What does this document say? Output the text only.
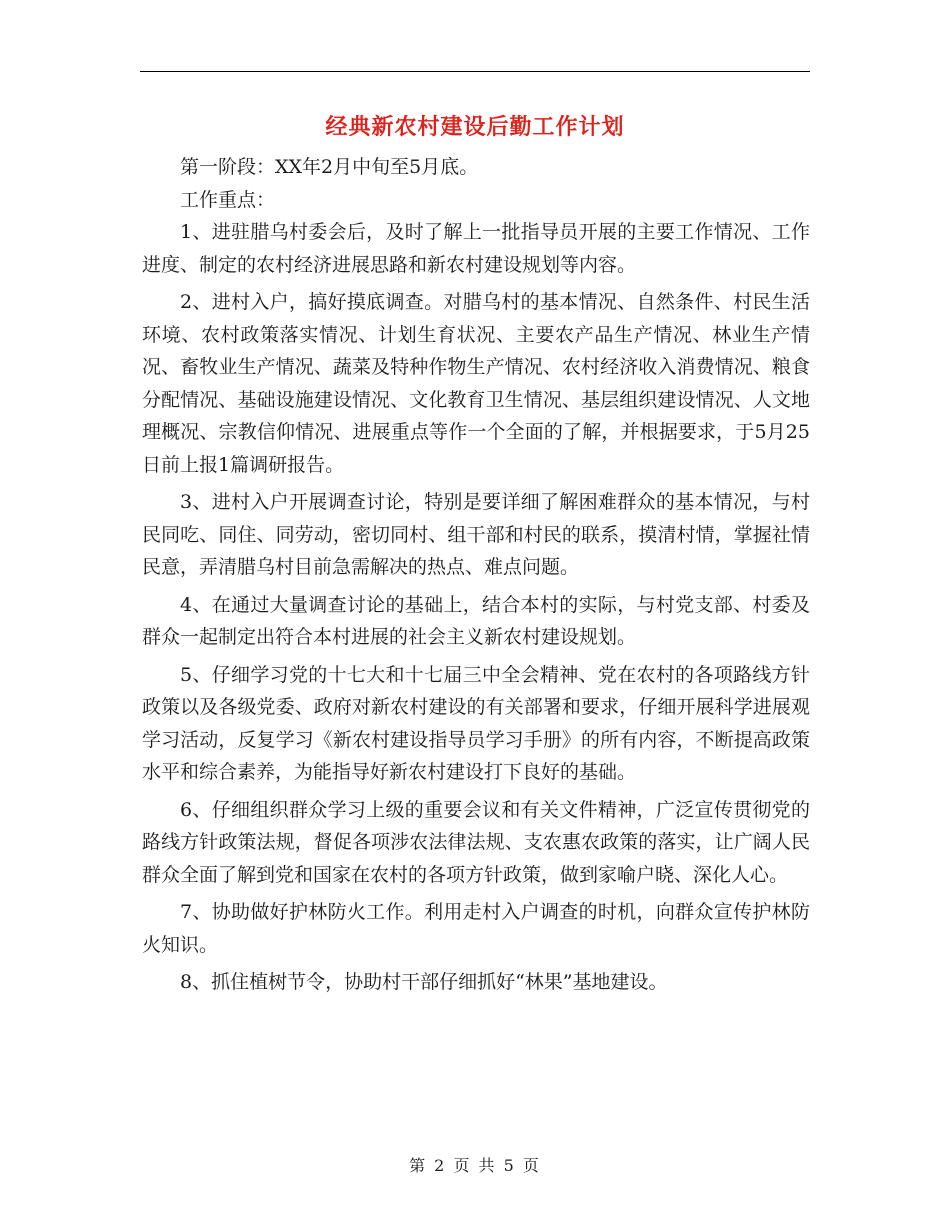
经典新农村建设后勤工作计划

第一阶段：XX年2月中旬至5月底。

工作重点：

1、进驻腊乌村委会后，及时了解上一批指导员开展的主要工作情况、工作进度、制定的农村经济进展思路和新农村建设规划等内容。

2、进村入户，搞好摸底调查。对腊乌村的基本情况、自然条件、村民生活环境、农村政策落实情况、计划生育状况、主要农产品生产情况、林业生产情况、畜牧业生产情况、蔬菜及特种作物生产情况、农村经济收入消费情况、粮食分配情况、基础设施建设情况、文化教育卫生情况、基层组织建设情况、人文地理概况、宗教信仰情况、进展重点等作一个全面的了解，并根据要求，于5月25日前上报1篇调研报告。

3、进村入户开展调查讨论，特别是要详细了解困难群众的基本情况，与村民同吃、同住、同劳动，密切同村、组干部和村民的联系，摸清村情，掌握社情民意，弄清腊乌村目前急需解决的热点、难点问题。

4、在通过大量调查讨论的基础上，结合本村的实际，与村党支部、村委及群众一起制定出符合本村进展的社会主义新农村建设规划。

5、仔细学习党的十七大和十七届三中全会精神、党在农村的各项路线方针政策以及各级党委、政府对新农村建设的有关部署和要求，仔细开展科学进展观学习活动，反复学习《新农村建设指导员学习手册》的所有内容，不断提高政策水平和综合素养，为能指导好新农村建设打下良好的基础。

6、仔细组织群众学习上级的重要会议和有关文件精神，广泛宣传贯彻党的路线方针政策法规，督促各项涉农法律法规、支农惠农政策的落实，让广阔人民群众全面了解到党和国家在农村的各项方针政策，做到家喻户晓、深化人心。

7、协助做好护林防火工作。利用走村入户调查的时机，向群众宣传护林防火知识。

8、抓住植树节令，协助村干部仔细抓好“林果”基地建设。

第 2 页 共 5 页
